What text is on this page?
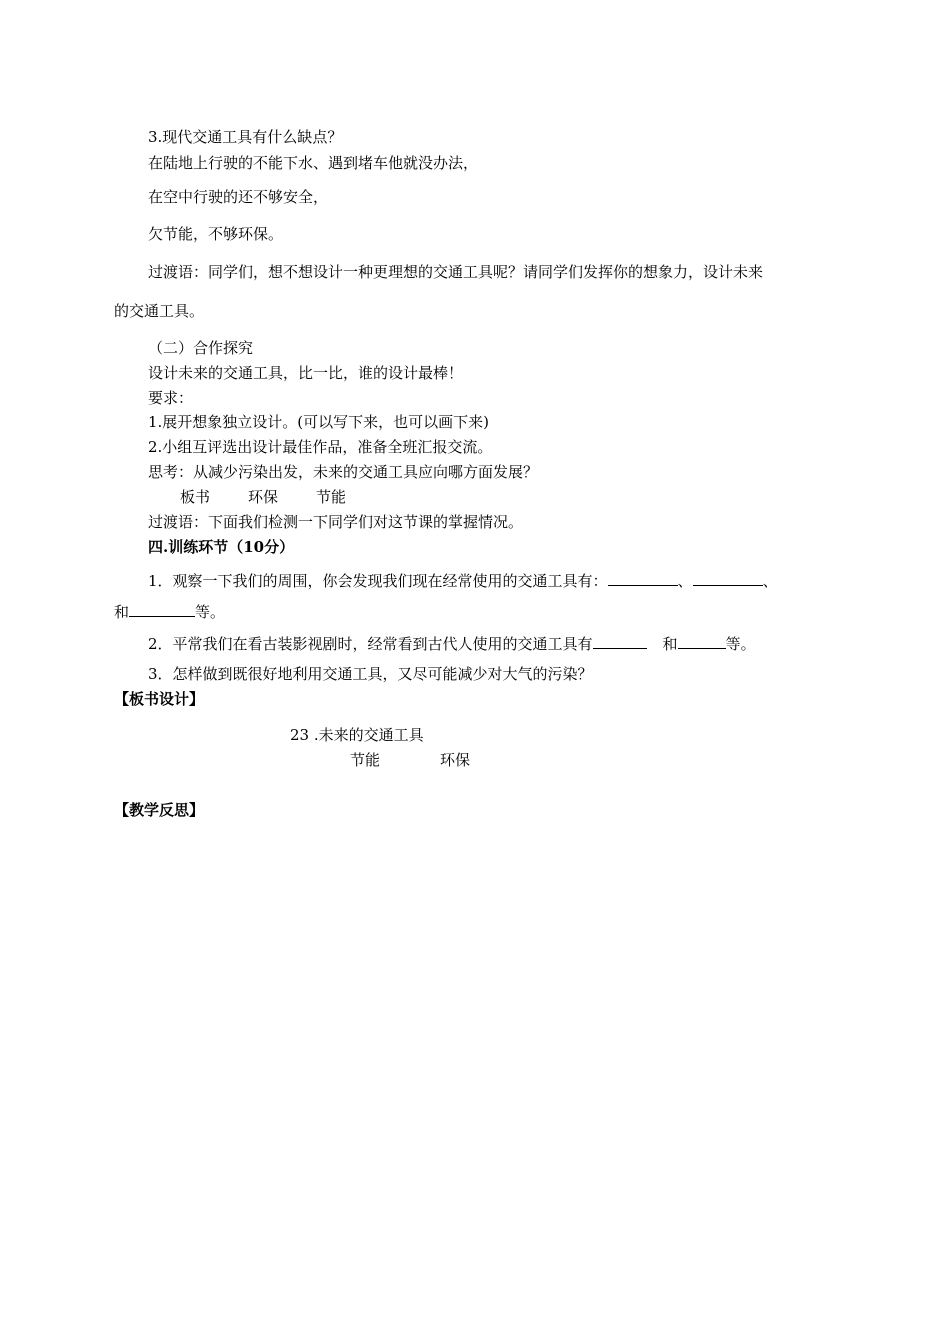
3.现代交通工具有什么缺点？
在陆地上行驶的不能下水、遇到堵车他就没办法，
在空中行驶的还不够安全，
欠节能，不够环保。
过渡语：同学们，想不想设计一种更理想的交通工具呢？请同学们发挥你的想象力，设计未来
的交通工具。
（二）合作探究
设计未来的交通工具，比一比，谁的设计最棒！
要求：
1.展开想象独立设计。(可以写下来，也可以画下来)
2.小组互评选出设计最佳作品，准备全班汇报交流。
思考：从减少污染出发，未来的交通工具应向哪方面发展？
板书	环保	节能
过渡语：下面我们检测一下同学们对这节课的掌握情况。
四.训练环节（10分）
1．观察一下我们的周围，你会发现我们现在经常使用的交通工具有：	、	、
和	等。
2．平常我们在看古装影视剧时，经常看到古代人使用的交通工具有	和	等。
3．怎样做到既很好地利用交通工具，又尽可能减少对大气的污染？
【板书设计】
23 .未来的交通工具
节能	环保
【教学反思】
